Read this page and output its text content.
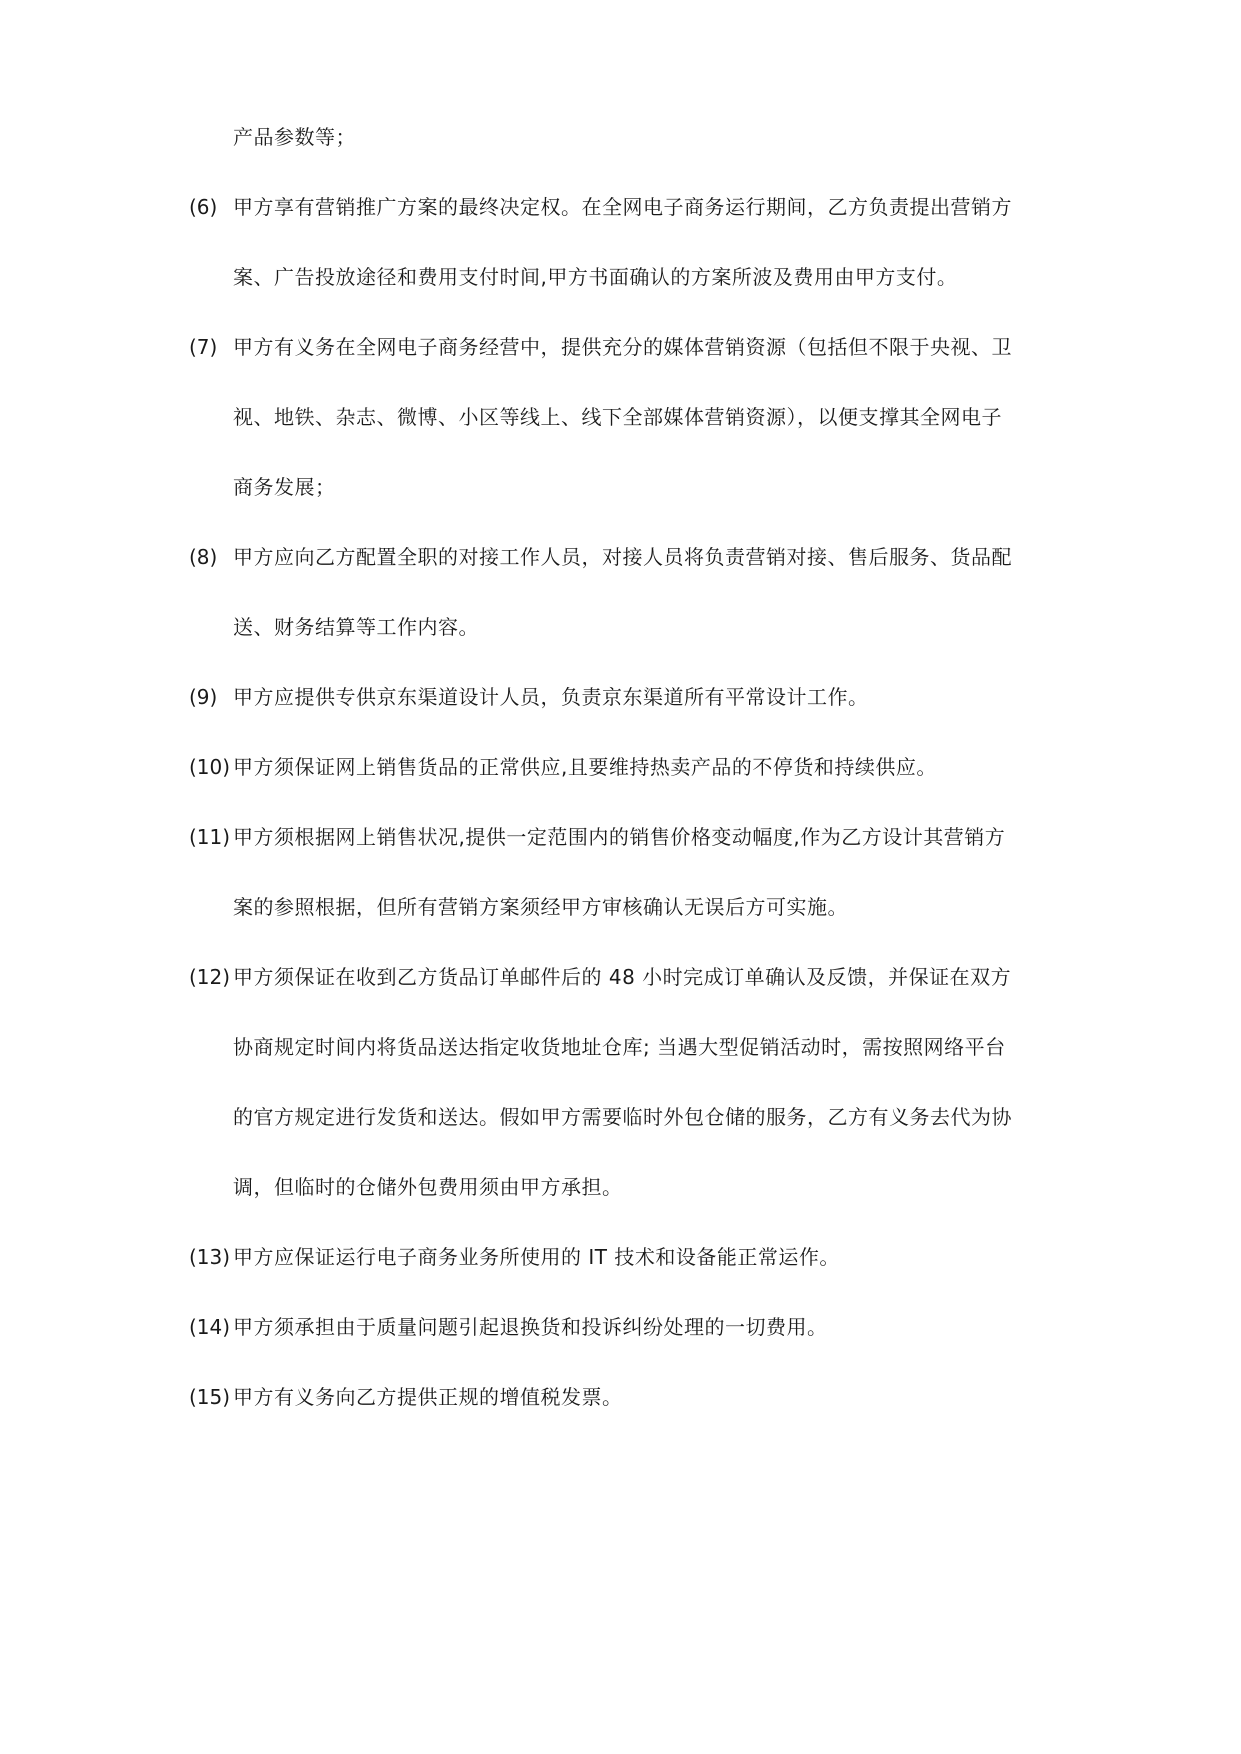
产品参数等；
(6) 甲方享有营销推广方案的最终决定权。在全网电子商务运行期间，乙方负责提出营销方
案、广告投放途径和费用支付时间,甲方书面确认的方案所波及费用由甲方支付。
(7) 甲方有义务在全网电子商务经营中，提供充分的媒体营销资源（包括但不限于央视、卫
视、地铁、杂志、微博、小区等线上、线下全部媒体营销资源），以便支撑其全网电子
商务发展；
(8) 甲方应向乙方配置全职的对接工作人员，对接人员将负责营销对接、售后服务、货品配
送、财务结算等工作内容。
(9) 甲方应提供专供京东渠道设计人员，负责京东渠道所有平常设计工作。
(10) 甲方须保证网上销售货品的正常供应,且要维持热卖产品的不停货和持续供应。
(11) 甲方须根据网上销售状况,提供一定范围内的销售价格变动幅度,作为乙方设计其营销方
案的参照根据，但所有营销方案须经甲方审核确认无误后方可实施。
(12) 甲方须保证在收到乙方货品订单邮件后的 48 小时完成订单确认及反馈，并保证在双方
协商规定时间内将货品送达指定收货地址仓库; 当遇大型促销活动时，需按照网络平台
的官方规定进行发货和送达。假如甲方需要临时外包仓储的服务，乙方有义务去代为协
调，但临时的仓储外包费用须由甲方承担。
(13) 甲方应保证运行电子商务业务所使用的 IT 技术和设备能正常运作。
(14) 甲方须承担由于质量问题引起退换货和投诉纠纷处理的一切费用。
(15) 甲方有义务向乙方提供正规的增值税发票。
